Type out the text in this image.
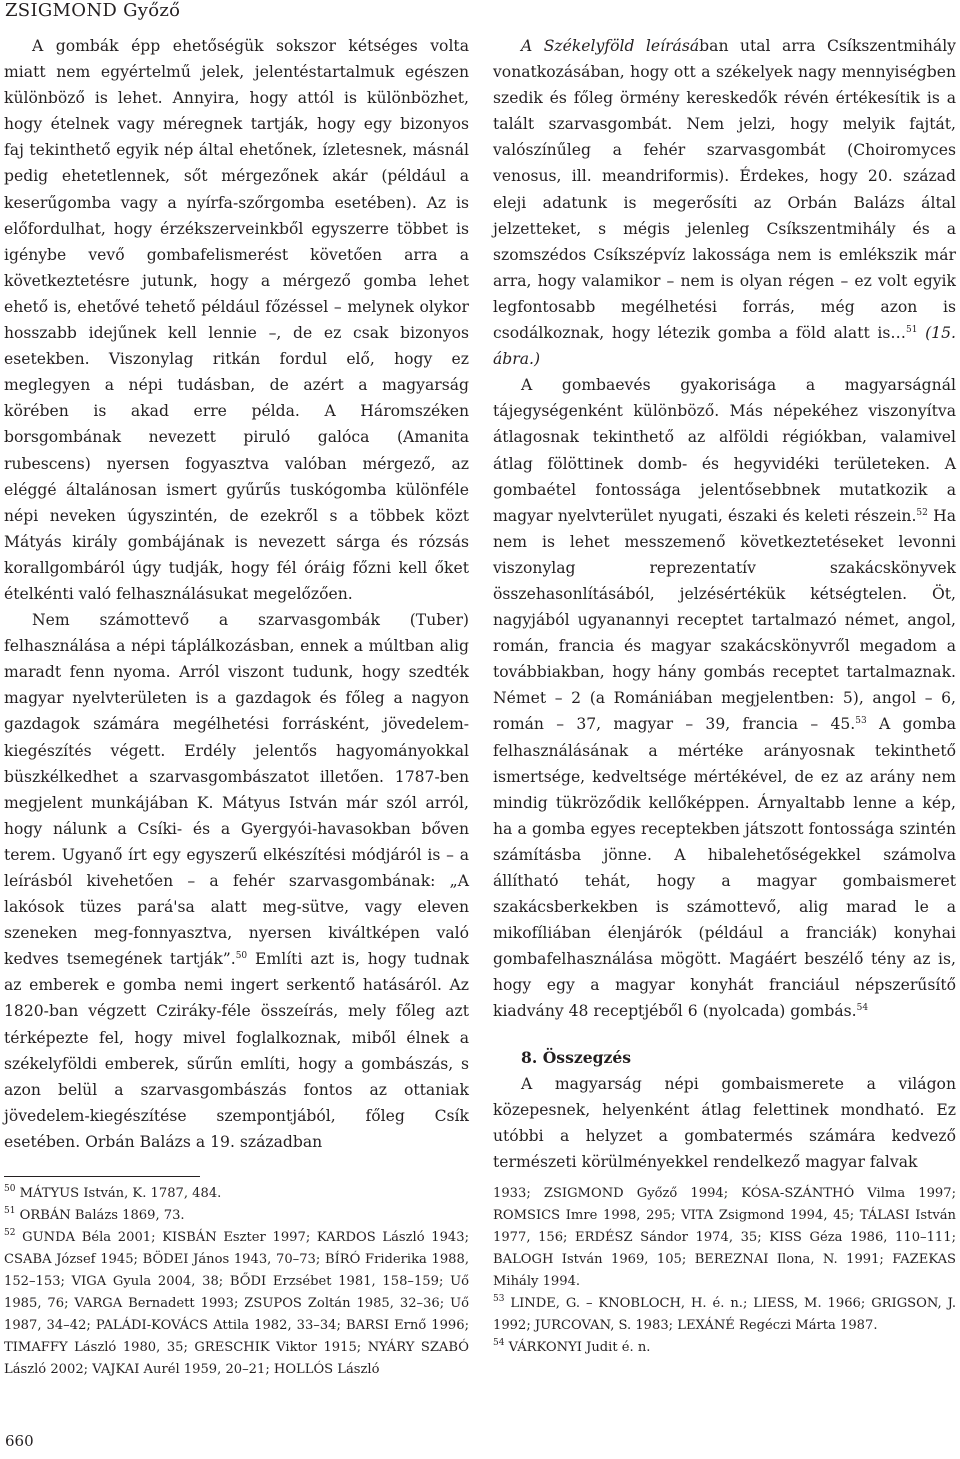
ZSIGMOND Győző

A gombák épp ehetőségük sokszor kétséges volta miatt nem egyértelmű jelek, jelentéstartalmuk egészen különböző is lehet. Annyira, hogy attól is különbözhet, hogy ételnek vagy méregnek tartják, hogy egy bizonyos faj tekinthető egyik nép által ehetőnek, ízletesnek, másnál pedig ehetetlennek, sőt mérgezőnek akár (például a keserűgomba vagy a nyírfa-szőrgomba esetében). Az is előfordulhat, hogy érzékszerveinkből egyszerre többet is igénybe vevő gombafelismerést követően arra a következtetésre jutunk, hogy a mérgező gomba lehet ehető is, ehetővé tehető például főzéssel – melynek olykor hosszabb idejűnek kell lennie –, de ez csak bizonyos esetekben. Viszonylag ritkán fordul elő, hogy ez meglegyen a népi tudásban, de azért a magyarság körében is akad erre példa. A Háromszéken borsgombának nevezett piruló galóca (Amanita rubescens) nyersen fogyasztva valóban mérgező, az eléggé általánosan ismert gyűrűs tuskógomba különféle népi neveken úgyszintén, de ezekről s a többek közt Mátyás király gombájának is nevezett sárga és rózsás korallgombáról úgy tudják, hogy fél óráig főzni kell őket ételkénti való felhasználásukat megelőzően.

Nem számottevő a szarvasgombák (Tuber) felhasználása a népi táplálkozásban, ennek a múltban alig maradt fenn nyoma. Arról viszont tudunk, hogy szedték magyar nyelvterületen is a gazdagok és főleg a nagyon gazdagok számára megélhetési forrásként, jövedelem-kiegészítés végett. Erdély jelentős hagyományokkal büszkélkedhet a szarvasgombászatot illetően. 1787-ben megjelent munkájában K. Mátyus István már szól arról, hogy nálunk a Csíki- és a Gyergyói-havasokban bőven terem. Ugyanő írt egy egyszerű elkészítési módjáról is – a leírásból kivehetően – a fehér szarvasgombának: „A lakósok tüzes pará'sa alatt meg-sütve, vagy eleven szeneken meg-fonnyasztva, nyersen kiváltképen való kedves tsemegének tartják”.$^{50}$ Említi azt is, hogy tudnak az emberek e gomba nemi ingert serkentő hatásáról. Az 1820-ban végzett Cziráky-féle összeírás, mely főleg azt térképezte fel, hogy mivel foglalkoznak, miből élnek a székelyföldi emberek, sűrűn említi, hogy a gombászás, s azon belül a szarvasgombászás fontos az ottaniak jövedelem-kiegészítése szempontjából, főleg Csík esetében. Orbán Balázs a 19. században

A Székelyföld leírásában utal arra Csíkszentmihály vonatkozásában, hogy ott a székelyek nagy mennyiségben szedik és főleg örmény kereskedők révén értékesítik is a talált szarvasgombát. Nem jelzi, hogy melyik fajtát, valószínűleg a fehér szarvasgombát (Choiromyces venosus, ill. meandriformis). Érdekes, hogy 20. század eleji adatunk is megerősíti az Orbán Balázs által jelzetteket, s mégis jelenleg Csíkszentmihály és a szomszédos Csíkszépvíz lakossága nem is emlékszik már arra, hogy valamikor – nem is olyan régen – ez volt egyik legfontosabb megélhetési forrás, még azon is csodálkoznak, hogy létezik gomba a föld alatt is…$^{51}$ (15. ábra.)

A gombaevés gyakorisága a magyarságnál tájegységenként különböző. Más népekéhez viszonyítva átlagosnak tekinthető az alföldi régiókban, valamivel átlag fölöttinek domb- és hegyvidéki területeken. A gombaétel fontossága jelentősebbnek mutatkozik a magyar nyelvterület nyugati, északi és keleti részein.$^{52}$ Ha nem is lehet messzemenő következtetéseket levonni viszonylag reprezentatív szakácskönyvek összehasonlításából, jelzésértékük kétségtelen. Öt, nagyjából ugyanannyi receptet tartalmazó német, angol, román, francia és magyar szakácskönyvről megadom a továbbiakban, hogy hány gombás receptet tartalmaznak. Német – 2 (a Romániában megjelentben: 5), angol – 6, román – 37, magyar – 39, francia – 45.53 A gomba felhasználásának a mértéke arányosnak tekinthető ismertsége, kedveltsége mértékével, de ez az arány nem mindig tükröződik kellőképpen. Árnyaltabb lenne a kép, ha a gomba egyes receptekben játszott fontossága szintén számításba jönne. A hibalehetőségekkel számolva állítható tehát, hogy a magyar gombaismeret szakácsberkekben is számottevő, alig marad le a mikofíliában élenjárók (például a franciák) konyhai gombafelhasználása mögött. Magáért beszélő tény az is, hogy egy a magyar konyhát franciául népszerűsítő kiadvány 48 receptjéből 6 (nyolcada) gombás.$^{54}$

8. Összegzés

A magyarság népi gombaismerete a világon közepesnek, helyenként átlag felettinek mondható. Ez utóbbi a helyzet a gombatermés számára kedvező természeti körülményekkel rendelkező magyar falvak

$^{50}$ MÁTYUS István, K. 1787, 484.

$^{51}$ ORBÁN Balázs 1869, 73.

$^{52}$ GUNDA Béla 2001; KISBÁN Eszter 1997; KARDOS László 1943; CSABA József 1945; BÖDEI János 1943, 70–73; BÍRÓ Friderika 1988, 152–153; VIGA Gyula 2004, 38; BŐDI Erzsébet 1981, 158–159; Uő 1985, 76; VARGA Bernadett 1993; ZSUPOS Zoltán 1985, 32–36; Uő 1987, 34–42; PALÁDI-KOVÁCS Attila 1982, 33–34; BARSI Ernő 1996; TIMAFFY László 1980, 35; GRESCHIK Viktor 1915; NYÁRY SZABÓ László 2002; VAJKAI Aurél 1959, 20–21; HOLLÓS László

1933; ZSIGMOND Győző 1994; KÓSA-SZÁNTHÓ Vilma 1997; ROMSICS Imre 1998, 295; VITA Zsigmond 1994, 45; TÁLASI István 1977, 156; ERDÉSZ Sándor 1974, 35; KISS Géza 1986, 110–111; BALOGH István 1969, 105; BEREZNAI Ilona, N. 1991; FAZEKAS Mihály 1994.

$^{53}$ LINDE, G. – KNOBLOCH, H. é. n.; LIESS, M. 1966; GRIGSON, J. 1992; JURCOVAN, S. 1983; LEXÁNÉ Regéczi Márta 1987.

$^{54}$ VÁRKONYI Judit é. n.

660
